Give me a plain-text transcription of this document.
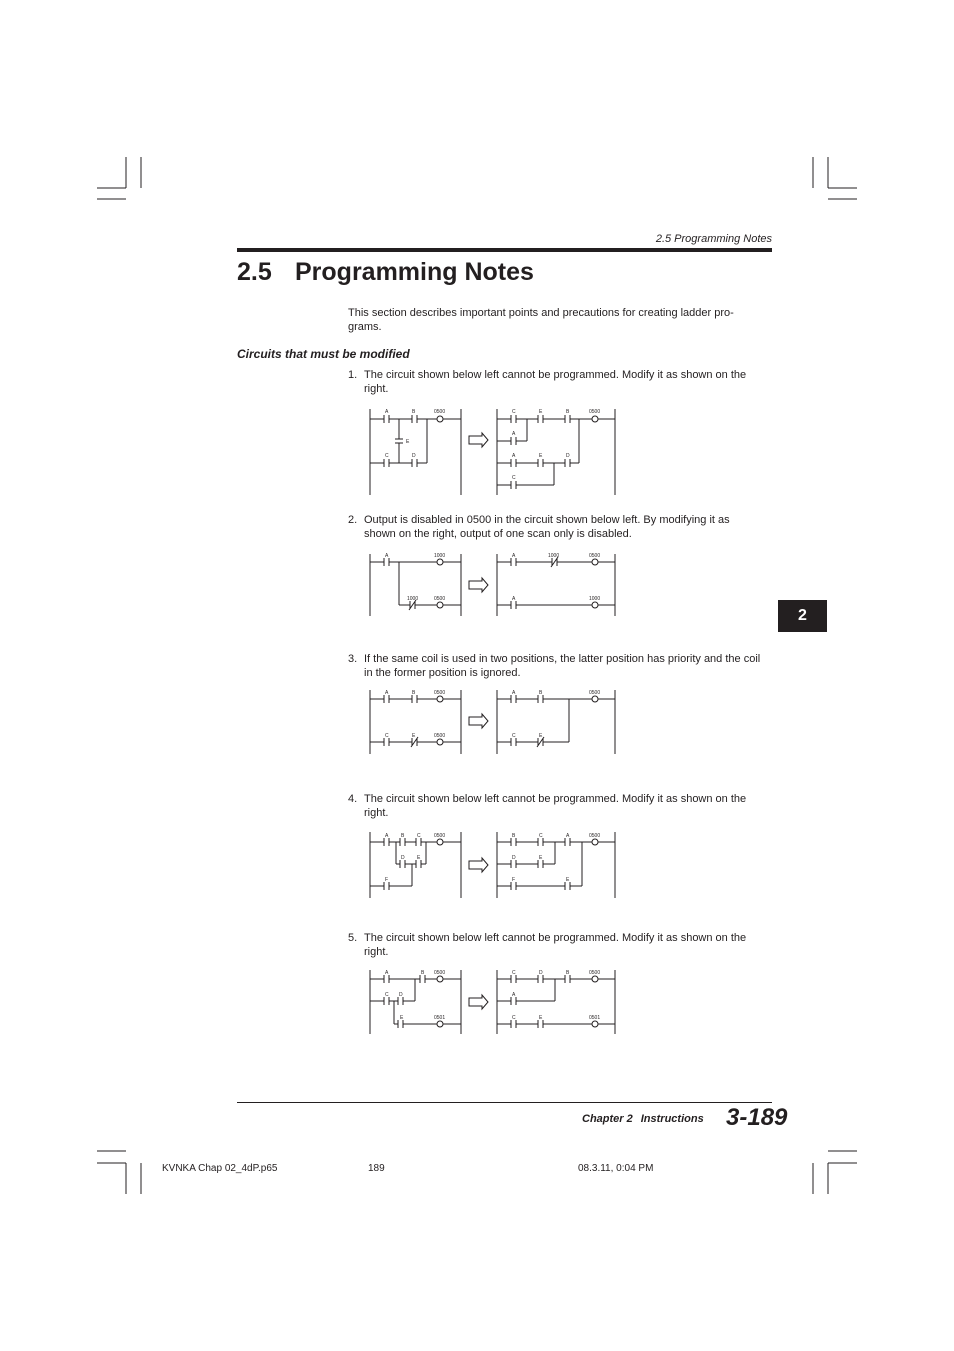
2.5 Programming Notes
2.5 Programming Notes
This section describes important points and precautions for creating ladder pro- grams.
Circuits that must be modified
1. The circuit shown below left cannot be programmed. Modify it as shown on the right.
A	B
E
C	D
0500	C	E	B	0500
A
A	E	D
C
2. Output is disabled in 0500 in the circuit shown below left. By modifying it as shown on the right, output of one scan only is disabled.
A	1000
1000	0500
A	1000	0500
A	1000
3. If the same coil is used in two positions, the latter position has priority and the coil in the former position is ignored.
A	B	0500
C	E	0500
A	B	0500
C	E
4. The circuit shown below left cannot be programmed. Modify it as shown on the right.
A	B	C	0500
D E
F
B	C	A	0500
D	E
F	E
5. The circuit shown below left cannot be programmed. Modify it as shown on the right.
A	B 0500
C D
E	0501
C	D	B	0500
A
C	E	0501
2
Chapter 2 Instructions 3-189
KVNKA Chap 02_4dP.p65	189	08.3.11, 0:04 PM
